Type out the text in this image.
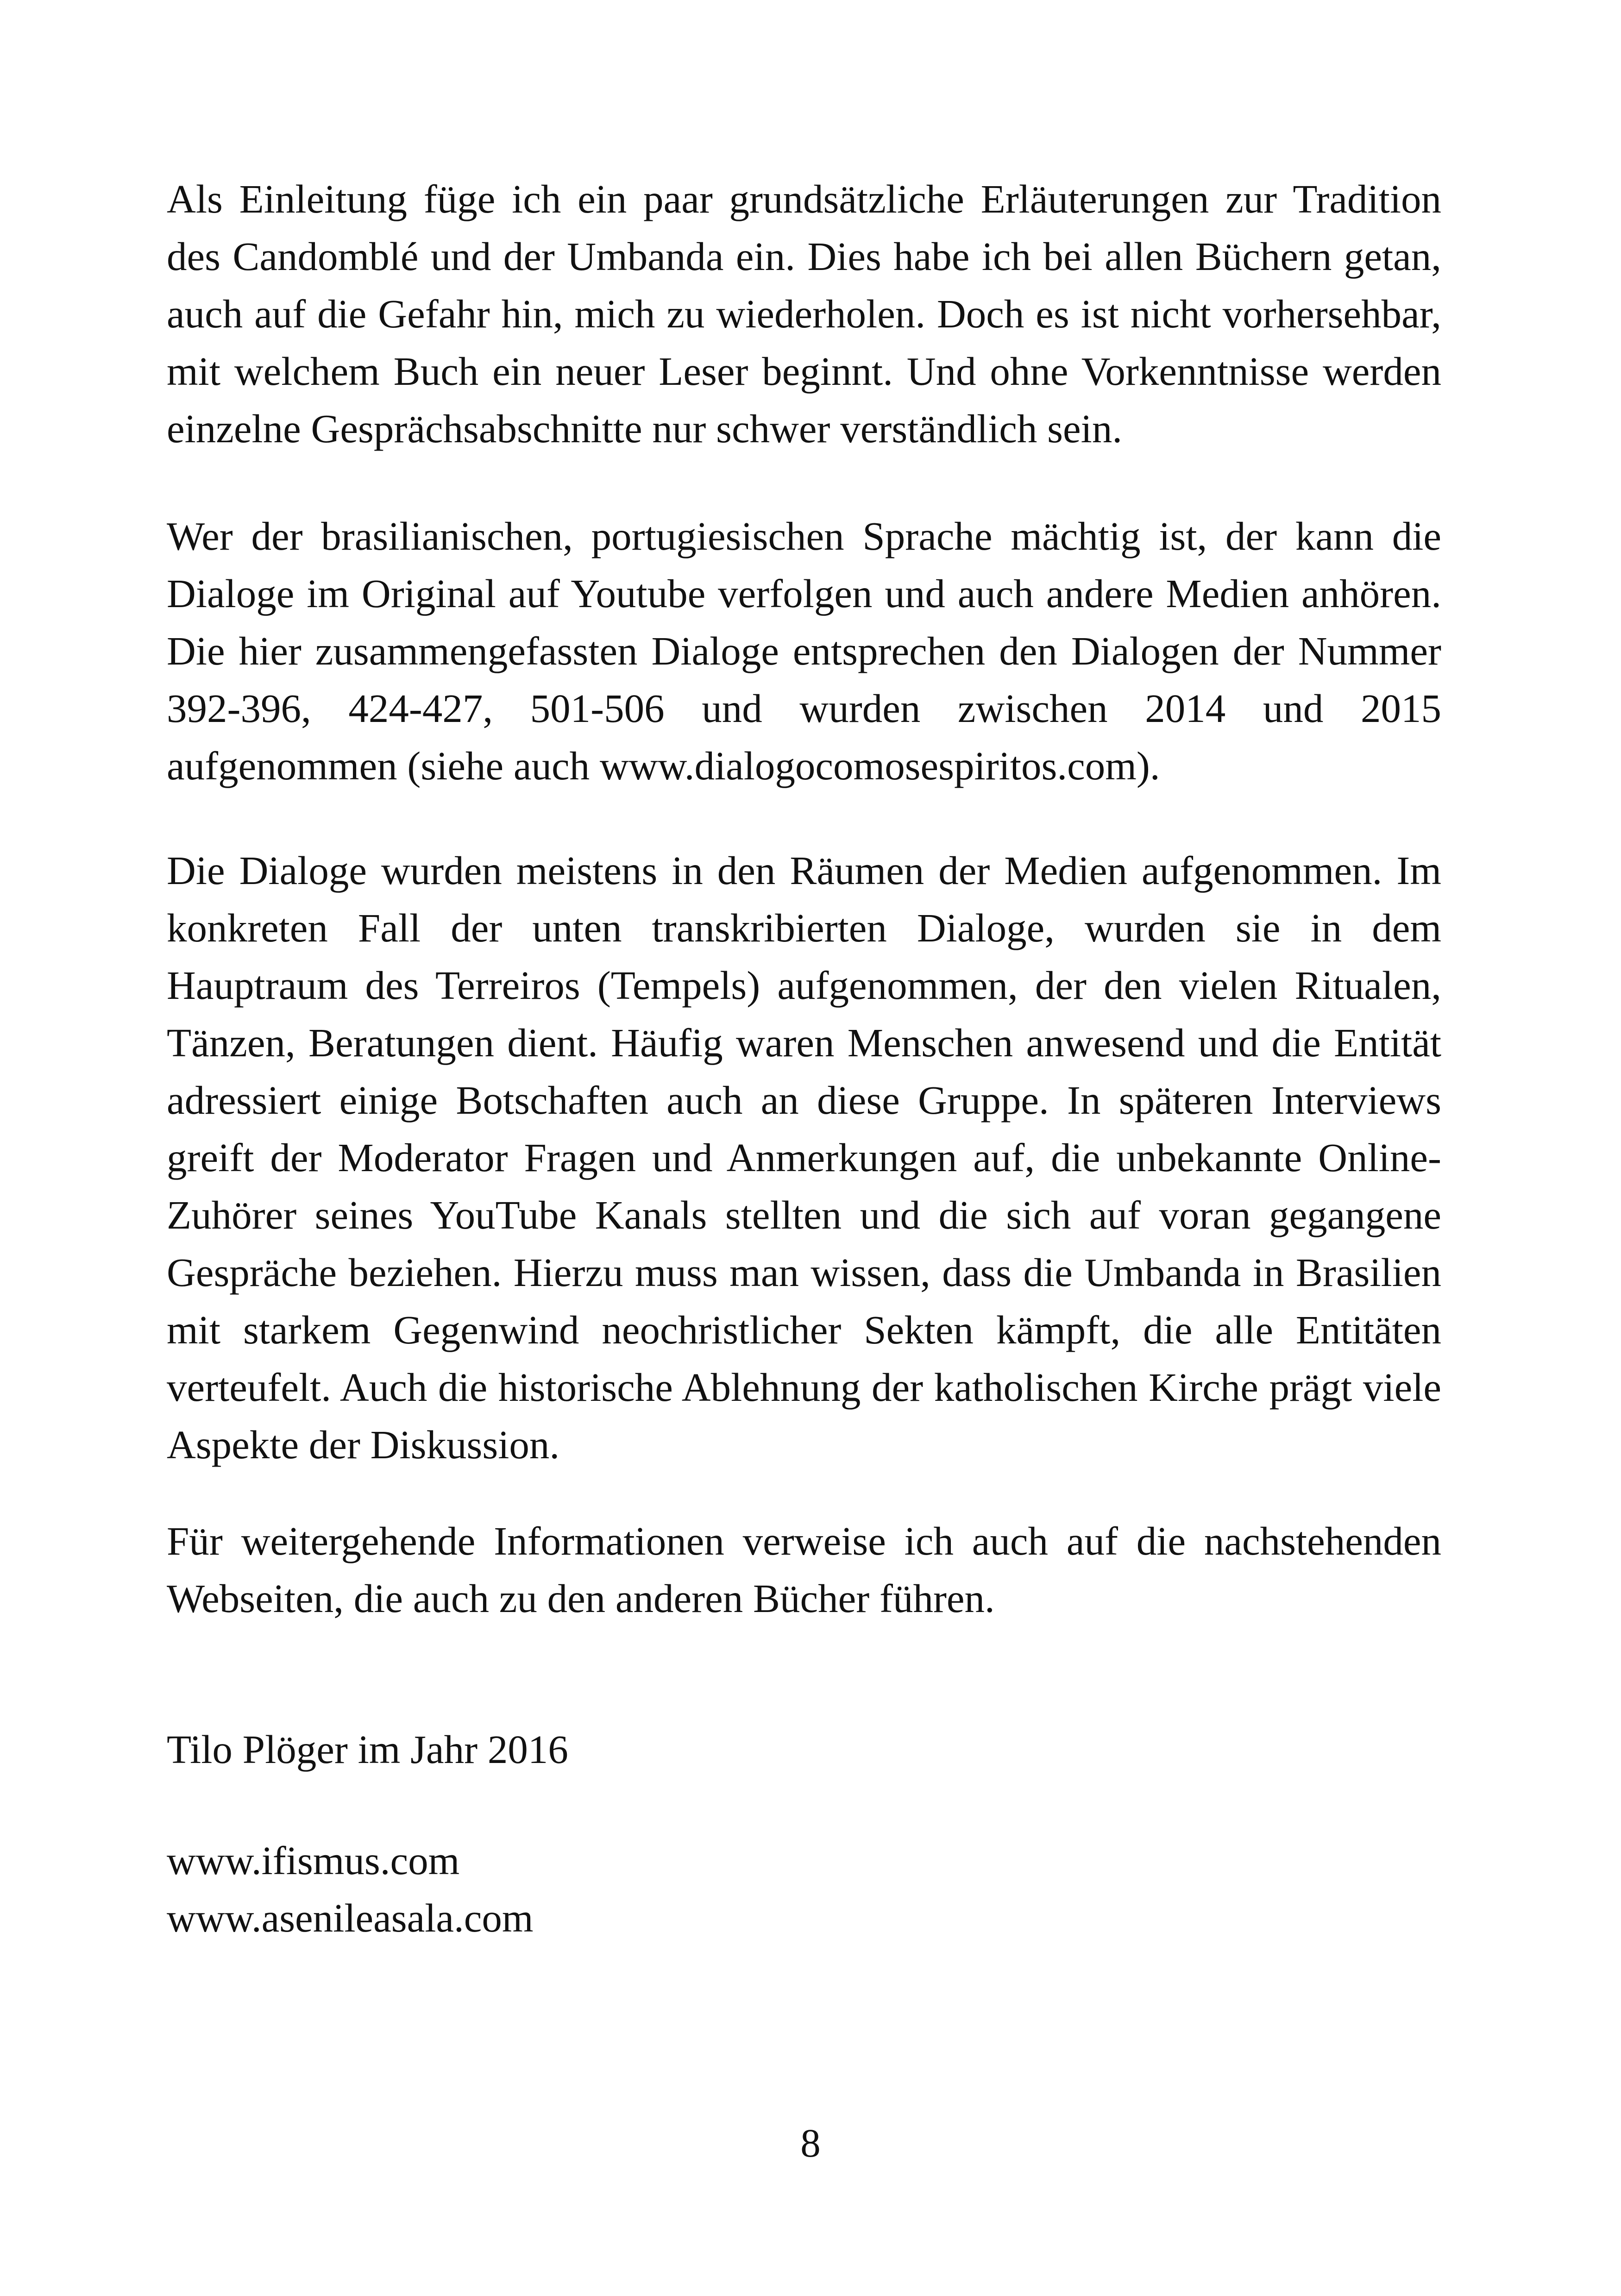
Als Einleitung füge ich ein paar grundsätzliche Erläuterungen zur Tradition des Candomblé und der Umbanda ein. Dies habe ich bei allen Büchern getan, auch auf die Gefahr hin, mich zu wiederholen. Doch es ist nicht vorhersehbar, mit welchem Buch ein neuer Leser beginnt. Und ohne Vorkenntnisse werden einzelne Gesprächsabschnitte nur schwer verständlich sein.

Wer der brasilianischen, portugiesischen Sprache mächtig ist, der kann die Dialoge im Original auf Youtube verfolgen und auch andere Medien anhören. Die hier zusammengefassten Dialoge entsprechen den Dialogen der Nummer 392-396, 424-427, 501-506 und wurden zwischen 2014 und 2015 aufgenommen (siehe auch www.dialogocomosespiritos.com).

Die Dialoge wurden meistens in den Räumen der Medien aufgenommen. Im konkreten Fall der unten transkribierten Dialoge, wurden sie in dem Hauptraum des Terreiros (Tempels) aufgenommen, der den vielen Ritualen, Tänzen, Beratungen dient. Häufig waren Menschen anwesend und die Entität adressiert einige Botschaften auch an diese Gruppe. In späteren Interviews greift der Moderator Fragen und Anmerkungen auf, die unbekannte Online-Zuhörer seines YouTube Kanals stellten und die sich auf voran gegangene Gespräche beziehen. Hierzu muss man wissen, dass die Umbanda in Brasilien mit starkem Gegenwind neochristlicher Sekten kämpft, die alle Entitäten verteufelt. Auch die historische Ablehnung der katholischen Kirche prägt viele Aspekte der Diskussion.

Für weitergehende Informationen verweise ich auch auf die nachstehenden Webseiten, die auch zu den anderen Bücher führen.

Tilo Plöger im Jahr 2016

www.ifismus.com
www.asenileasala.com
8
